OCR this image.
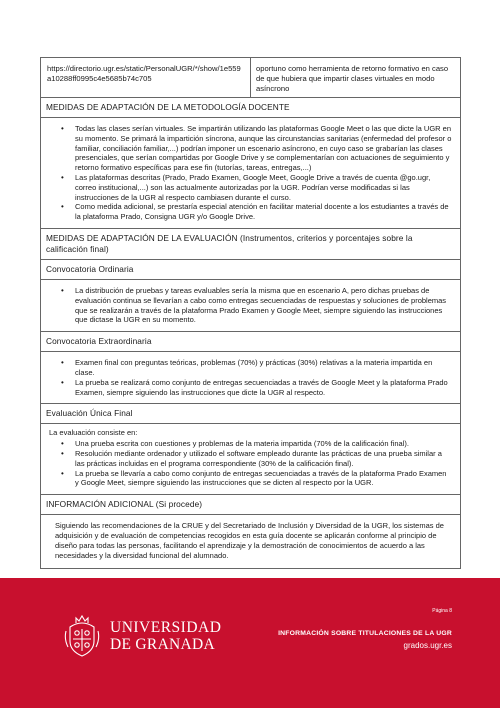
https://directorio.ugr.es/static/PersonalUGR/*/show/1e559a10288ff0995c4e5685b74c705
oportuno como herramienta de retorno formativo en caso de que hubiera que impartir clases virtuales en modo asíncrono
MEDIDAS DE ADAPTACIÓN DE LA METODOLOGÍA DOCENTE
• Todas las clases serían virtuales. Se impartirán utilizando las plataformas Google Meet o las que dicte la UGR en su momento. Se primará la impartición síncrona, aunque las circunstancias sanitarias (enfermedad del profesor o familiar, conciliación familiar,...) podrían imponer un escenario asíncrono, en cuyo caso se grabarían las clases presenciales, que serían compartidas por Google Drive y se complementarían con actuaciones de seguimiento y retorno formativo específicas para ese fin (tutorías, tareas, entregas,...)
• Las plataformas descritas (Prado, Prado Examen, Google Meet, Google Drive a través de cuenta @go.ugr, correo institucional,...) son las actualmente autorizadas por la UGR. Podrían verse modificadas si las instrucciones de la UGR al respecto cambiasen durante el curso.
• Como medida adicional, se prestaría especial atención en facilitar material docente a los estudiantes a través de la plataforma Prado, Consigna UGR y/o Google Drive.
MEDIDAS DE ADAPTACIÓN DE LA EVALUACIÓN (Instrumentos, criterios y porcentajes sobre la calificación final)
Convocatoria Ordinaria
• La distribución de pruebas y tareas evaluables sería la misma que en escenario A, pero dichas pruebas de evaluación continua se llevarían a cabo como entregas secuenciadas de respuestas y soluciones de problemas que se realizarán a través de la plataforma Prado Examen y Google Meet, siempre siguiendo las instrucciones que dictase la UGR en su momento.
Convocatoria Extraordinaria
• Examen final con preguntas teóricas, problemas (70%) y prácticas (30%) relativas a la materia impartida en clase.
• La prueba se realizará como conjunto de entregas secuenciadas a través de Google Meet y la plataforma Prado Examen, siempre siguiendo las instrucciones que dicte la UGR al respecto.
Evaluación Única Final
La evaluación consiste en:
• Una prueba escrita con cuestiones y problemas de la materia impartida (70% de la calificación final).
• Resolución mediante ordenador y utilizado el software empleado durante las prácticas de una prueba similar a las prácticas incluidas en el programa correspondiente (30% de la calificación final).
• La prueba se llevaría a cabo como conjunto de entregas secuenciadas a través de la plataforma Prado Examen y Google Meet, siempre siguiendo las instrucciones que se dicten al respecto por la UGR.
INFORMACIÓN ADICIONAL (Si procede)
Siguiendo las recomendaciones de la CRUE y del Secretariado de Inclusión y Diversidad de la UGR, los sistemas de adquisición y de evaluación de competencias recogidos en esta guía docente se aplicarán conforme al principio de diseño para todas las personas, facilitando el aprendizaje y la demostración de conocimientos de acuerdo a las necesidades y la diversidad funcional del alumnado.
UNIVERSIDAD
DE GRANADA
Página 8
INFORMACIÓN SOBRE TITULACIONES DE LA UGR
grados.ugr.es
